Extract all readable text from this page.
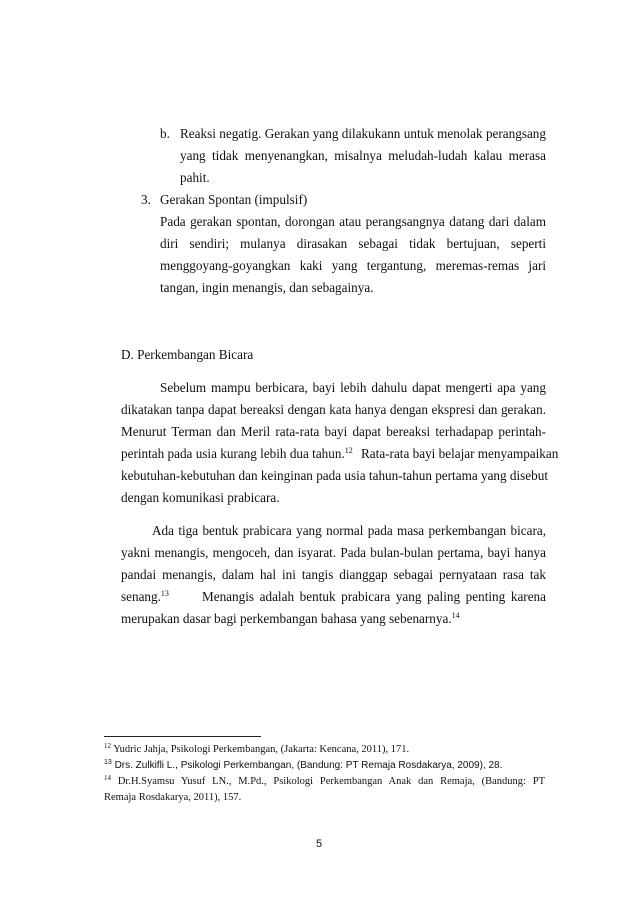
b. Reaksi negatig. Gerakan yang dilakukann untuk menolak perangsang
yang tidak menyenangkan, misalnya meludah-ludah kalau merasa
pahit.
3. Gerakan Spontan (impulsif)
Pada gerakan spontan, dorongan atau perangsangnya datang dari dalam
diri sendiri; mulanya dirasakan sebagai tidak bertujuan, seperti
menggoyang-goyangkan kaki yang tergantung, meremas-remas jari
tangan, ingin menangis, dan sebagainya.
D. Perkembangan Bicara
Sebelum mampu berbicara, bayi lebih dahulu dapat mengerti apa yang
dikatakan tanpa dapat bereaksi dengan kata hanya dengan ekspresi dan gerakan.
Menurut Terman dan Meril rata-rata bayi dapat bereaksi terhadapap perintah-
perintah pada usia kurang lebih dua tahun.$^{12}$ Rata-rata bayi belajar menyampaikan
kebutuhan-kebutuhan dan keinginan pada usia tahun-tahun pertama yang disebut
dengan komunikasi prabicara.
Ada tiga bentuk prabicara yang normal pada masa perkembangan bicara,
yakni menangis, mengoceh, dan isyarat. Pada bulan-bulan pertama, bayi hanya
pandai menangis, dalam hal ini tangis dianggap sebagai pernyataan rasa tak
senang.$^{13}$	Menangis adalah bentuk prabicara yang paling penting karena
merupakan dasar bagi perkembangan bahasa yang sebenarnya.$^{14}$
$^{12}$ Yudric Jahja, Psikologi Perkembangan, (Jakarta: Kencana, 2011), 171.
$^{13}$ Drs. Zulkifli L., Psikologi Perkembangan, (Bandung: PT Remaja Rosdakarya, 2009), 28.
$^{14}$ Dr.H.Syamsu Yusuf LN., M.Pd., Psikologi Perkembangan Anak dan Remaja, (Bandung: PT
Remaja Rosdakarya, 2011), 157.
5
